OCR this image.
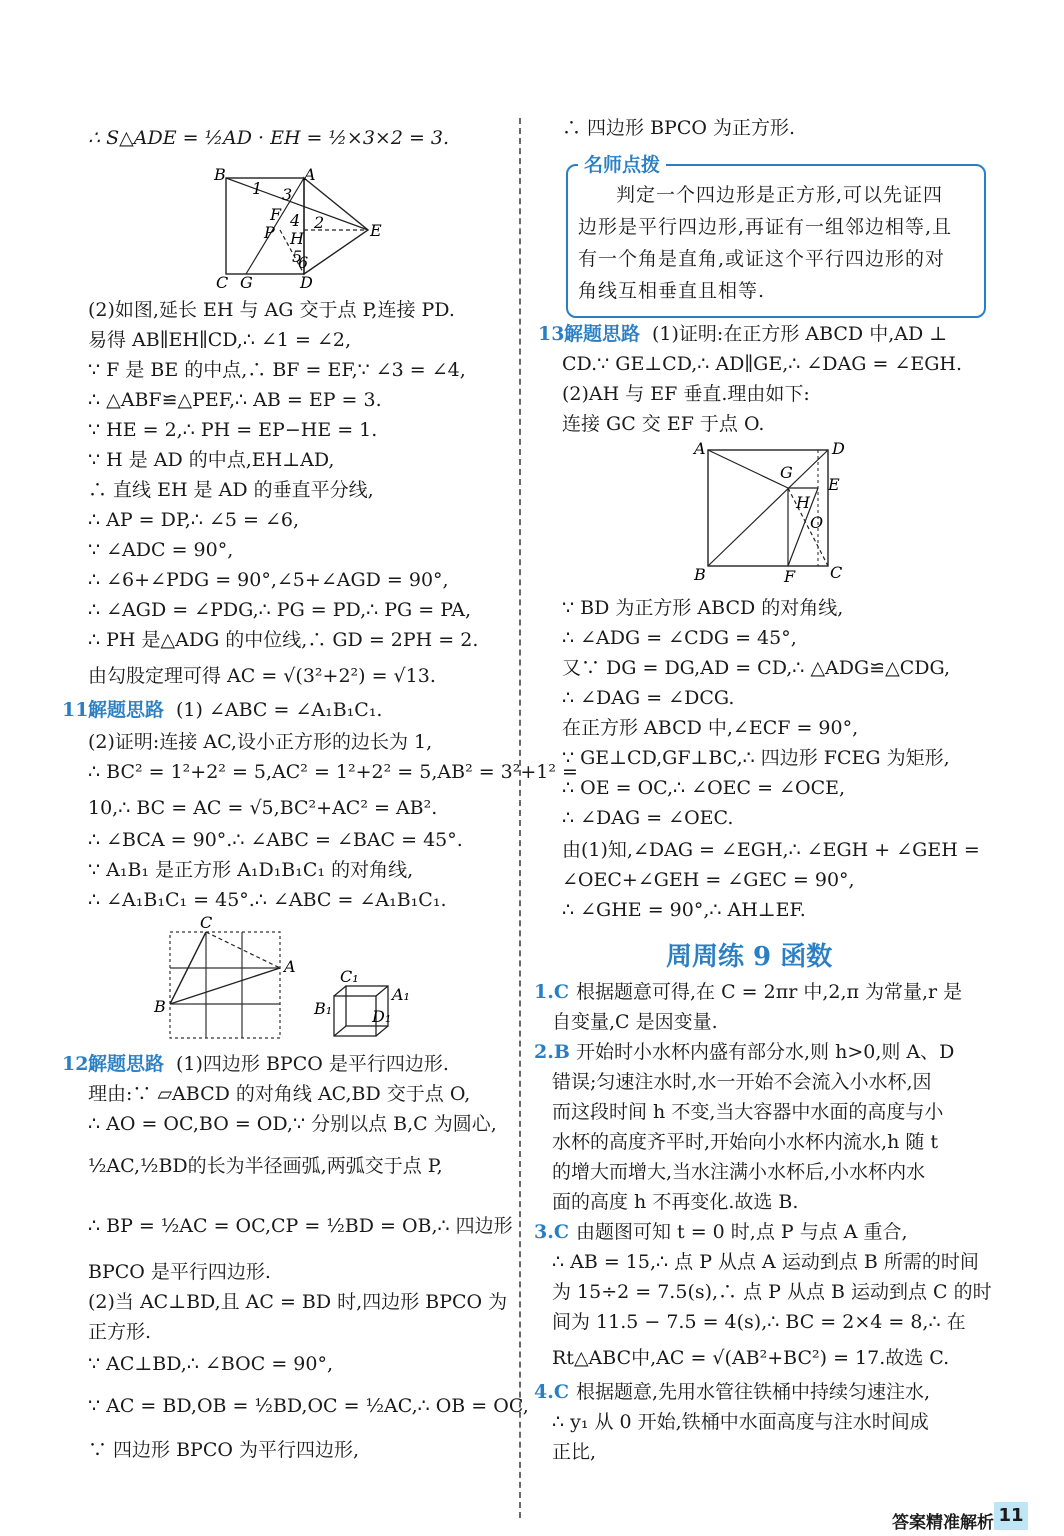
∴ S△ADE = ½AD · EH = ½×3×2 = 3.
B	A
E
C G	D
F
P H
1
2
3
4
5
6
(2)如图,延长 EH 与 AG 交于点 P,连接 PD.
易得 AB∥EH∥CD,∴ ∠1 = ∠2,
∵ F 是 BE 的中点,∴ BF = EF,∵ ∠3 = ∠4,
∴ △ABF≌△PEF,∴ AB = EP = 3.
∵ HE = 2,∴ PH = EP−HE = 1.
∵ H 是 AD 的中点,EH⊥AD,
∴ 直线 EH 是 AD 的垂直平分线,
∴ AP = DP,∴ ∠5 = ∠6,
∵ ∠ADC = 90°,
∴ ∠6+∠PDG = 90°,∠5+∠AGD = 90°,
∴ ∠AGD = ∠PDG,∴ PG = PD,∴ PG = PA,
∴ PH 是△ADG 的中位线,∴ GD = 2PH = 2.
由勾股定理可得 AC = √(3²+2²) = √13.
11.
解题思路 (1) ∠ABC = ∠A₁B₁C₁.
(2)证明:连接 AC,设小正方形的边长为 1,
∴ BC² = 1²+2² = 5,AC² = 1²+2² = 5,AB² = 3²+1² =
10,∴ BC = AC = √5,BC²+AC² = AB².
∴ ∠BCA = 90°.∴ ∠ABC = ∠BAC = 45°.
∵ A₁B₁ 是正方形 A₁D₁B₁C₁ 的对角线,
∴ ∠A₁B₁C₁ = 45°.∴ ∠ABC = ∠A₁B₁C₁.
C
A
B
C₁
A₁
B₁ D₁
12.
解题思路 (1)四边形 BPCO 是平行四边形.
理由:∵ ▱ABCD 的对角线 AC,BD 交于点 O,
∴ AO = OC,BO = OD,∵ 分别以点 B,C 为圆心,
½AC,½BD的长为半径画弧,两弧交于点 P,
∴ BP = ½AC = OC,CP = ½BD = OB,∴ 四边形
BPCO 是平行四边形.
(2)当 AC⊥BD,且 AC = BD 时,四边形 BPCO 为
正方形.
∵ AC⊥BD,∴ ∠BOC = 90°,
∵ AC = BD,OB = ½BD,OC = ½AC,∴ OB = OC,
∵ 四边形 BPCO 为平行四边形,
∴ 四边形 BPCO 为正方形.
名师点拨
判定一个四边形是正方形,可以先证四
边形是平行四边形,再证有一组邻边相等,且
有一个角是直角,或证这个平行四边形的对
角线互相垂直且相等.
13.
解题思路 (1)证明:在正方形 ABCD 中,AD ⊥
CD.∵ GE⊥CD,∴ AD∥GE,∴ ∠DAG = ∠EGH.
(2)AH 与 EF 垂直.理由如下:
连接 GC 交 EF 于点 O.
A	D
G
E
H
O
B	F C
∵ BD 为正方形 ABCD 的对角线,
∴ ∠ADG = ∠CDG = 45°,
又∵ DG = DG,AD = CD,∴ △ADG≌△CDG,
∴ ∠DAG = ∠DCG.
在正方形 ABCD 中,∠ECF = 90°,
∵ GE⊥CD,GF⊥BC,∴ 四边形 FCEG 为矩形,
∴ OE = OC,∴ ∠OEC = ∠OCE,
∴ ∠DAG = ∠OEC.
由(1)知,∠DAG = ∠EGH,∴ ∠EGH + ∠GEH =
∠OEC+∠GEH = ∠GEC = 90°,
∴ ∠GHE = 90°,∴ AH⊥EF.
周周练 9 函数
1.C 根据题意可得,在 C = 2πr 中,2,π 为常量,r 是
自变量,C 是因变量.
2.B 开始时小水杯内盛有部分水,则 h>0,则 A、D
错误;匀速注水时,水一开始不会流入小水杯,因
而这段时间 h 不变,当大容器中水面的高度与小
水杯的高度齐平时,开始向小水杯内流水,h 随 t
的增大而增大,当水注满小水杯后,小水杯内水
面的高度 h 不再变化.故选 B.
3.C 由题图可知 t = 0 时,点 P 与点 A 重合,
∴ AB = 15,∴ 点 P 从点 A 运动到点 B 所需的时间
为 15÷2 = 7.5(s),∴ 点 P 从点 B 运动到点 C 的时
间为 11.5 − 7.5 = 4(s),∴ BC = 2×4 = 8,∴ 在
Rt△ABC中,AC = √(AB²+BC²) = 17.故选 C.
4.C 根据题意,先用水管往铁桶中持续匀速注水,
∴ y₁ 从 0 开始,铁桶中水面高度与注水时间成
正比,
答案精准解析 11
